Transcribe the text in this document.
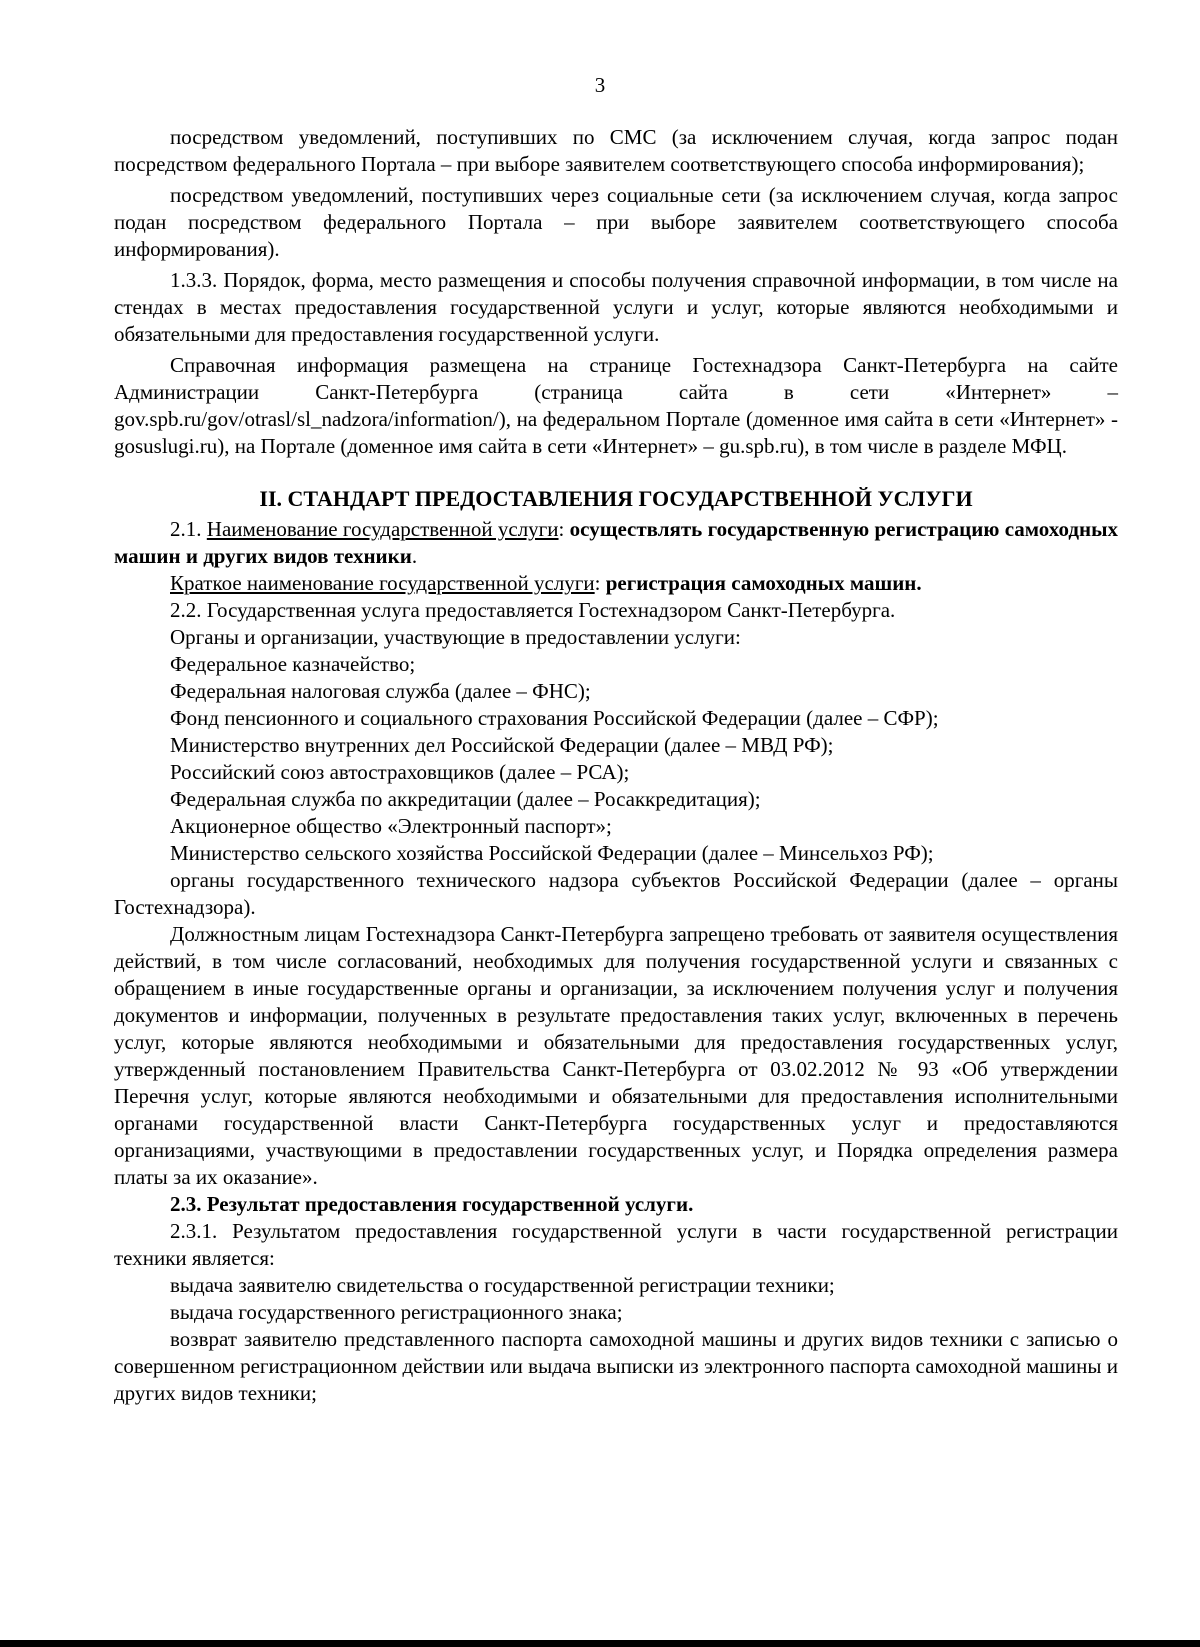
3

посредством уведомлений, поступивших по СМС (за исключением случая, когда запрос подан посредством федерального Портала – при выборе заявителем соответствующего способа информирования);

посредством уведомлений, поступивших через социальные сети (за исключением случая, когда запрос подан посредством федерального Портала – при выборе заявителем соответствующего способа информирования).

1.3.3. Порядок, форма, место размещения и способы получения справочной информации, в том числе на стендах в местах предоставления государственной услуги и услуг, которые являются необходимыми и обязательными для предоставления государственной услуги.

Справочная информация размещена на странице Гостехнадзора Санкт-Петербурга на сайте Администрации Санкт-Петербурга (страница сайта в сети «Интернет» – gov.spb.ru/gov/otrasl/sl_nadzora/information/), на федеральном Портале (доменное имя сайта в сети «Интернет» - gosuslugi.ru), на Портале (доменное имя сайта в сети «Интернет» – gu.spb.ru), в том числе в разделе МФЦ.

II. СТАНДАРТ ПРЕДОСТАВЛЕНИЯ ГОСУДАРСТВЕННОЙ УСЛУГИ

2.1. Наименование государственной услуги: осуществлять государственную регистрацию самоходных машин и других видов техники.

Краткое наименование государственной услуги: регистрация самоходных машин.

2.2. Государственная услуга предоставляется Гостехнадзором Санкт-Петербурга.

Органы и организации, участвующие в предоставлении услуги:

Федеральное казначейство;

Федеральная налоговая служба (далее – ФНС);

Фонд пенсионного и социального страхования Российской Федерации (далее – СФР);

Министерство внутренних дел Российской Федерации (далее – МВД РФ);

Российский союз автостраховщиков (далее – РСА);

Федеральная служба по аккредитации (далее – Росаккредитация);

Акционерное общество «Электронный паспорт»;

Министерство сельского хозяйства Российской Федерации (далее – Минсельхоз РФ);

органы государственного технического надзора субъектов Российской Федерации (далее – органы Гостехнадзора).

Должностным лицам Гостехнадзора Санкт-Петербурга запрещено требовать от заявителя осуществления действий, в том числе согласований, необходимых для получения государственной услуги и связанных с обращением в иные государственные органы и организации, за исключением получения услуг и получения документов и информации, полученных в результате предоставления таких услуг, включенных в перечень услуг, которые являются необходимыми и обязательными для предоставления государственных услуг, утвержденный постановлением Правительства Санкт-Петербурга от 03.02.2012 № 93 «Об утверждении Перечня услуг, которые являются необходимыми и обязательными для предоставления исполнительными органами государственной власти Санкт-Петербурга государственных услуг и предоставляются организациями, участвующими в предоставлении государственных услуг, и Порядка определения размера платы за их оказание».

2.3. Результат предоставления государственной услуги.

2.3.1. Результатом предоставления государственной услуги в части государственной регистрации техники является:

выдача заявителю свидетельства о государственной регистрации техники;

выдача государственного регистрационного знака;

возврат заявителю представленного паспорта самоходной машины и других видов техники с записью о совершенном регистрационном действии или выдача выписки из электронного паспорта самоходной машины и других видов техники;
